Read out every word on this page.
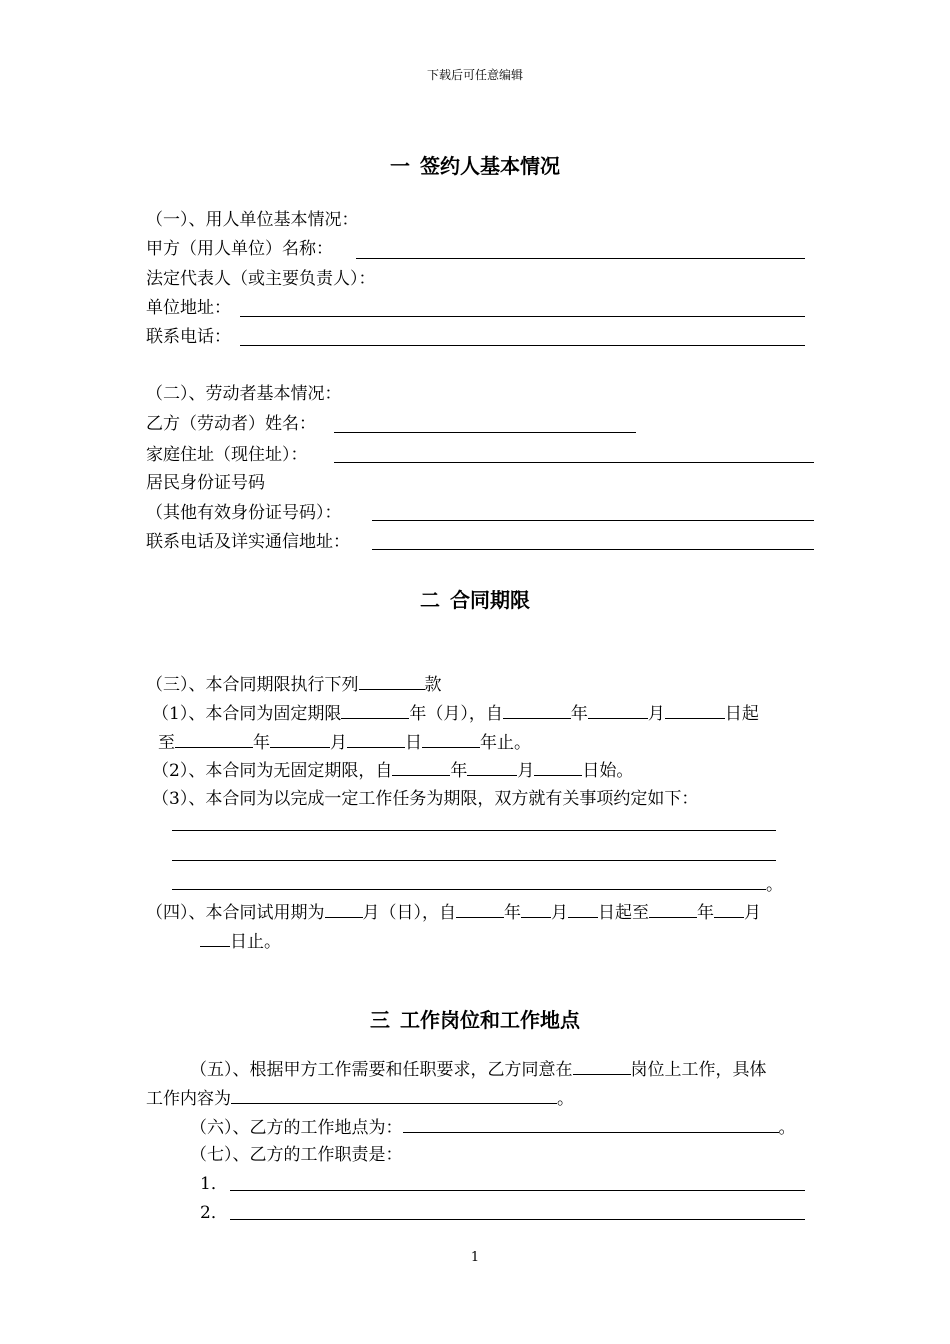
下载后可任意编辑
一 签约人基本情况
（一）、用人单位基本情况：
甲方（用人单位）名称：
法定代表人（或主要负责人）：
单位地址：
联系电话：
（二）、劳动者基本情况：
乙方（劳动者）姓名：
家庭住址（现住址）：
居民身份证号码
（其他有效身份证号码）：
联系电话及详实通信地址：
二 合同期限
（三）、本合同期限执行下列	款
（1）、本合同为固定期限	年（月），自	年	月	日起
至	年	月	日	年止。
（2）、本合同为无固定期限，自	年	月	日始。
（3）、本合同为以完成一定工作任务为期限，双方就有关事项约定如下：
。
（四）、本合同试用期为 月（日），自	年 月 日起至	年 月
日止。
三 工作岗位和工作地点
（五）、根据甲方工作需要和任职要求，乙方同意在	岗位上工作，具体
工作内容为	。
（六）、乙方的工作地点为：	。
（七）、乙方的工作职责是：
1．
2．
1
